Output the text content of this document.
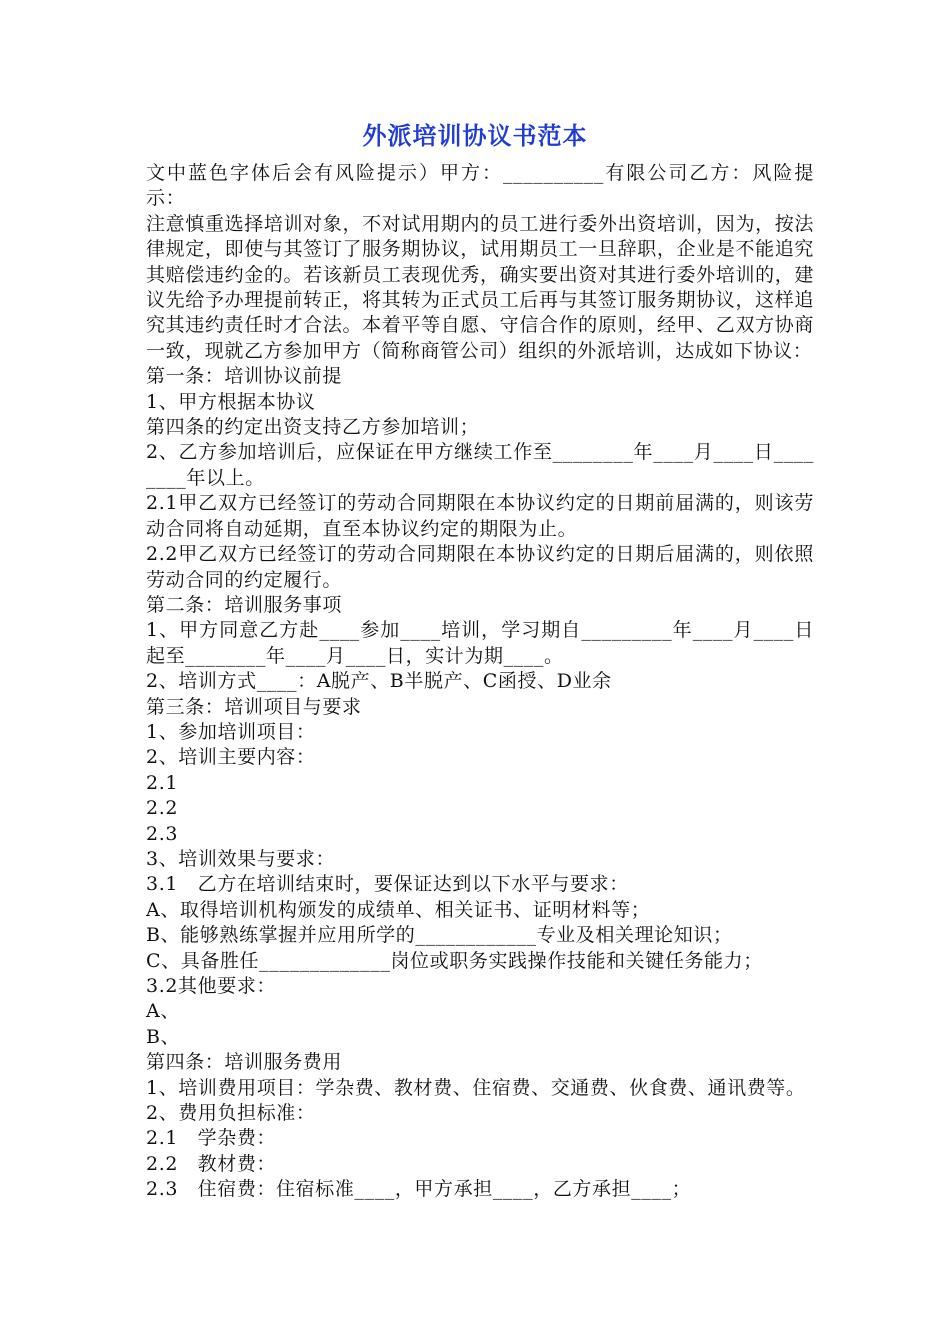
外派培训协议书范本

文中蓝色字体后会有风险提示）甲方：__________有限公司乙方：风险提示：

注意慎重选择培训对象，不对试用期内的员工进行委外出资培训，因为，按法律规定，即使与其签订了服务期协议，试用期员工一旦辞职，企业是不能追究其赔偿违约金的。若该新员工表现优秀，确实要出资对其进行委外培训的，建议先给予办理提前转正，将其转为正式员工后再与其签订服务期协议，这样追究其违约责任时才合法。本着平等自愿、守信合作的原则，经甲、乙双方协商一致，现就乙方参加甲方（简称商管公司）组织的外派培训，达成如下协议：

第一条：培训协议前提

1、甲方根据本协议

第四条的约定出资支持乙方参加培训；

2、乙方参加培训后，应保证在甲方继续工作至________年____月____日________年以上。

2.1甲乙双方已经签订的劳动合同期限在本协议约定的日期前届满的，则该劳动合同将自动延期，直至本协议约定的期限为止。

2.2甲乙双方已经签订的劳动合同期限在本协议约定的日期后届满的，则依照劳动合同的约定履行。

第二条：培训服务事项

1、甲方同意乙方赴____参加____培训，学习期自_________年____月____日起至________年____月____日，实计为期____。

2、培训方式____：A脱产、B半脱产、C函授、D业余

第三条：培训项目与要求

1、参加培训项目：

2、培训主要内容：

2.1

2.2

2.3

3、培训效果与要求：

3.1　乙方在培训结束时，要保证达到以下水平与要求：

A、取得培训机构颁发的成绩单、相关证书、证明材料等；

B、能够熟练掌握并应用所学的____________专业及相关理论知识；

C、具备胜任_____________岗位或职务实践操作技能和关键任务能力；

3.2其他要求：

A、

B、

第四条：培训服务费用

1、培训费用项目：学杂费、教材费、住宿费、交通费、伙食费、通讯费等。

2、费用负担标准：

2.1　学杂费：

2.2　教材费：

2.3　住宿费：住宿标准____，甲方承担____，乙方承担____；
